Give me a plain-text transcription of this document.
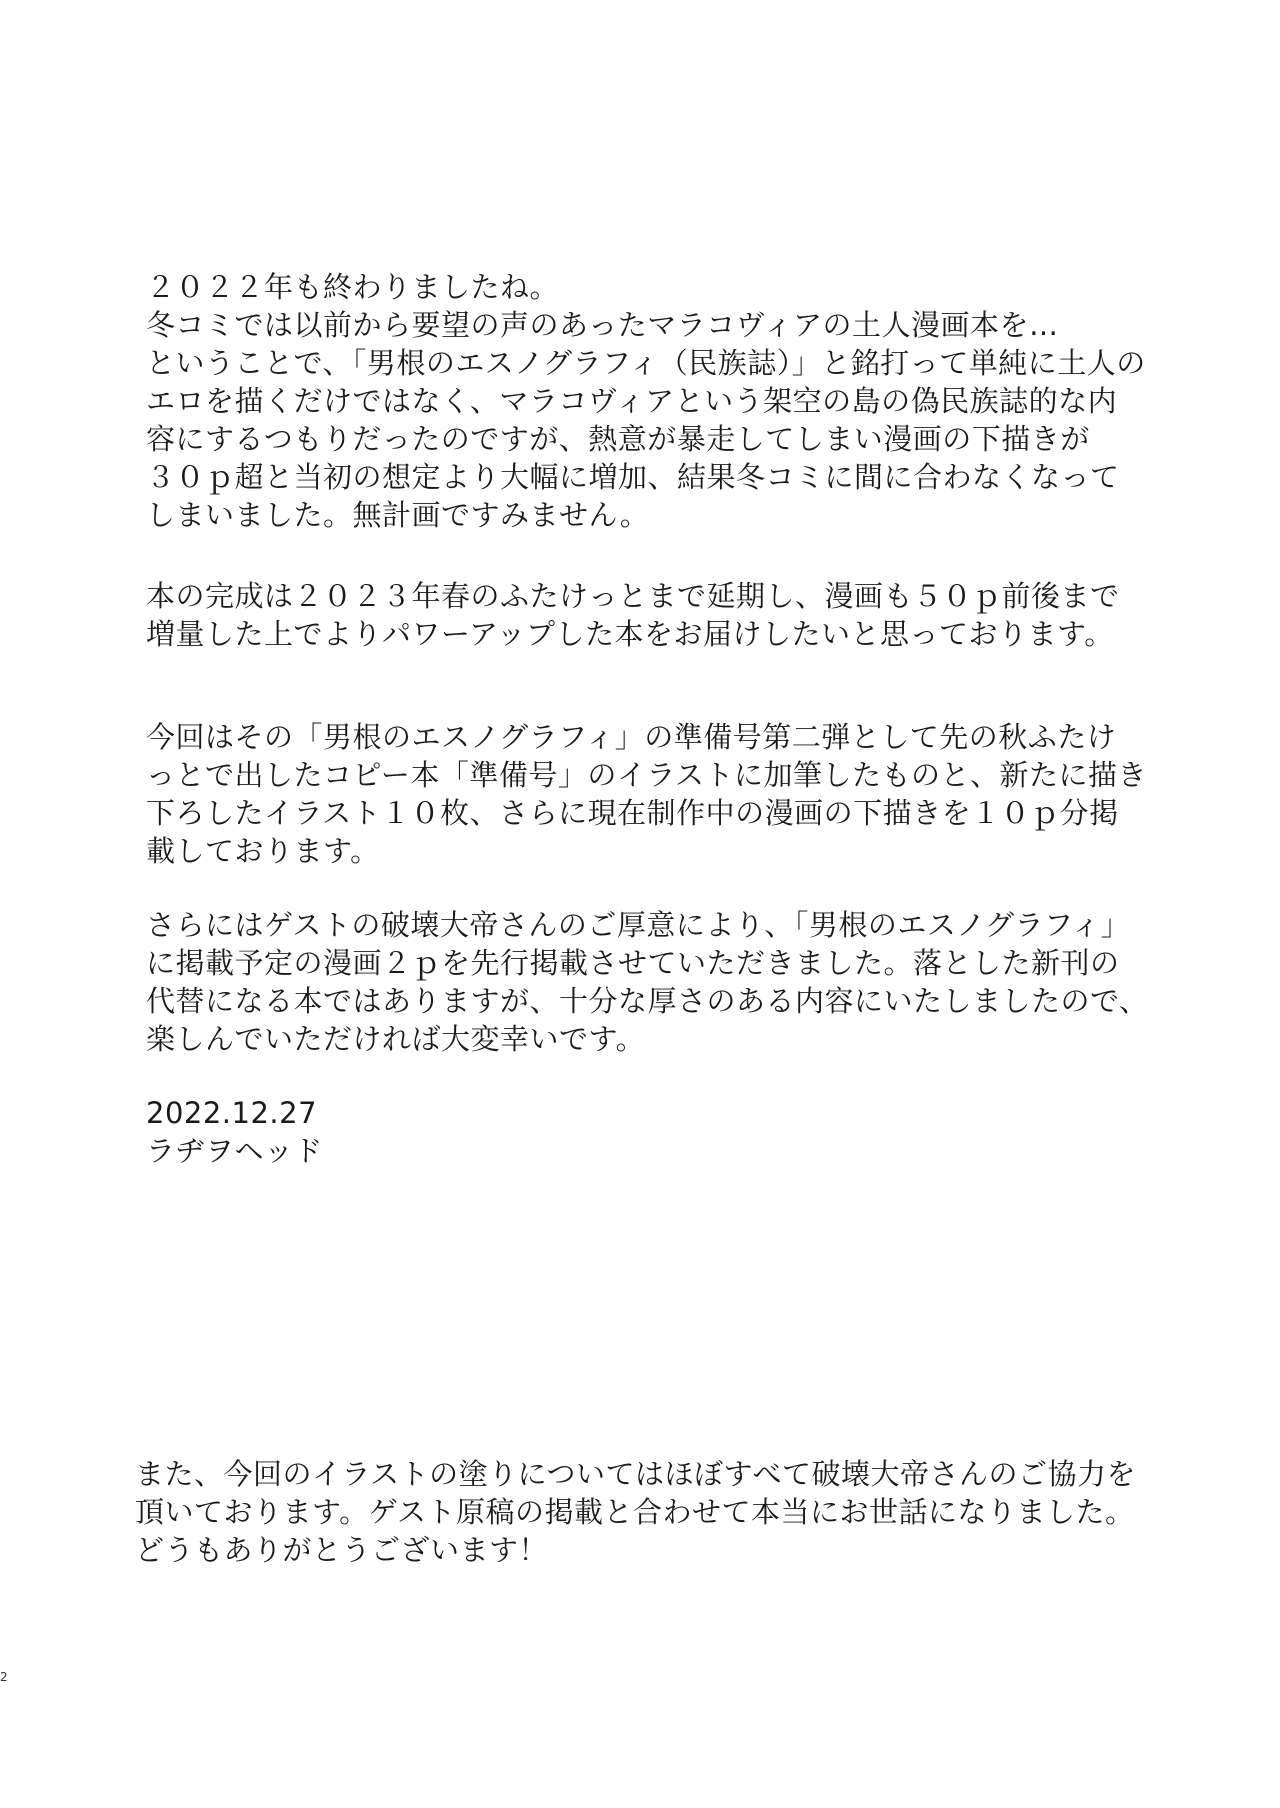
２０２２年も終わりましたね。
冬コミでは以前から要望の声のあったマラコヴィアの土人漫画本を…
ということで、「男根のエスノグラフィ（民族誌）」と銘打って単純に土人の
エロを描くだけではなく、マラコヴィアという架空の島の偽民族誌的な内
容にするつもりだったのですが、熱意が暴走してしまい漫画の下描きが
３０ｐ超と当初の想定より大幅に増加、結果冬コミに間に合わなくなって
しまいました。無計画ですみません。
本の完成は２０２３年春のふたけっとまで延期し、漫画も５０ｐ前後まで
増量した上でよりパワーアップした本をお届けしたいと思っております。
今回はその「男根のエスノグラフィ」の準備号第二弾として先の秋ふたけ
っとで出したコピー本「準備号」のイラストに加筆したものと、新たに描き
下ろしたイラスト１０枚、さらに現在制作中の漫画の下描きを１０ｐ分掲
載しております。
さらにはゲストの破壊大帝さんのご厚意により、「男根のエスノグラフィ」
に掲載予定の漫画２ｐを先行掲載させていただきました。落とした新刊の
代替になる本ではありますが、十分な厚さのある内容にいたしましたので、
楽しんでいただければ大変幸いです。
2022.12.27
ラヂヲヘッド
また、今回のイラストの塗りについてはほぼすべて破壊大帝さんのご協力を
頂いております。ゲスト原稿の掲載と合わせて本当にお世話になりました。
どうもありがとうございます！
2
